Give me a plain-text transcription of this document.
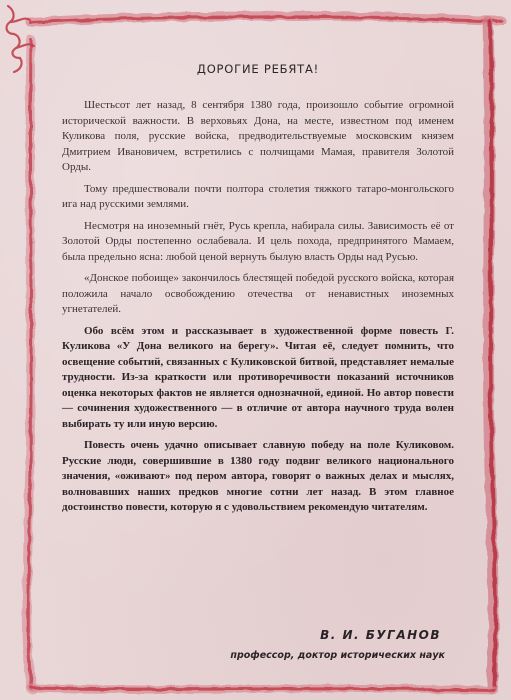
ДОРОГИЕ РЕБЯТА!

Шестьсот лет назад, 8 сентября 1380 года, произошло событие огромной исторической важности. В верховьях Дона, на месте, известном под именем Куликова поля, русские войска, предводительствуемые московским князем Дмитрием Ивановичем, встретились с полчищами Мамая, правителя Золотой Орды.

Тому предшествовали почти полтора столетия тяжкого татаро-монгольского ига над русскими землями.

Несмотря на иноземный гнёт, Русь крепла, набирала силы. Зависимость её от Золотой Орды постепенно ослабевала. И цель похода, предпринятого Мамаем, была предельно ясна: любой ценой вернуть былую власть Орды над Русью.

«Донское побоище» закончилось блестящей победой русского войска, которая положила начало освобождению отечества от ненавистных иноземных угнетателей.

Обо всём этом и рассказывает в художественной форме повесть Г. Куликова «У Дона великого на берегу». Читая её, следует помнить, что освещение событий, связанных с Куликовской битвой, представляет немалые трудности. Из-за краткости или противоречивости показаний источников оценка некоторых фактов не является однозначной, единой. Но автор повести — сочинения художественного — в отличие от автора научного труда волен выбирать ту или иную версию.

Повесть очень удачно описывает славную победу на поле Куликовом. Русские люди, совершившие в 1380 году подвиг великого национального значения, «оживают» под пером автора, говорят о важных делах и мыслях, волновавших наших предков многие сотни лет назад. В этом главное достоинство повести, которую я с удовольствием рекомендую читателям.

В. И. БУГАНОВ
профессор, доктор исторических наук
